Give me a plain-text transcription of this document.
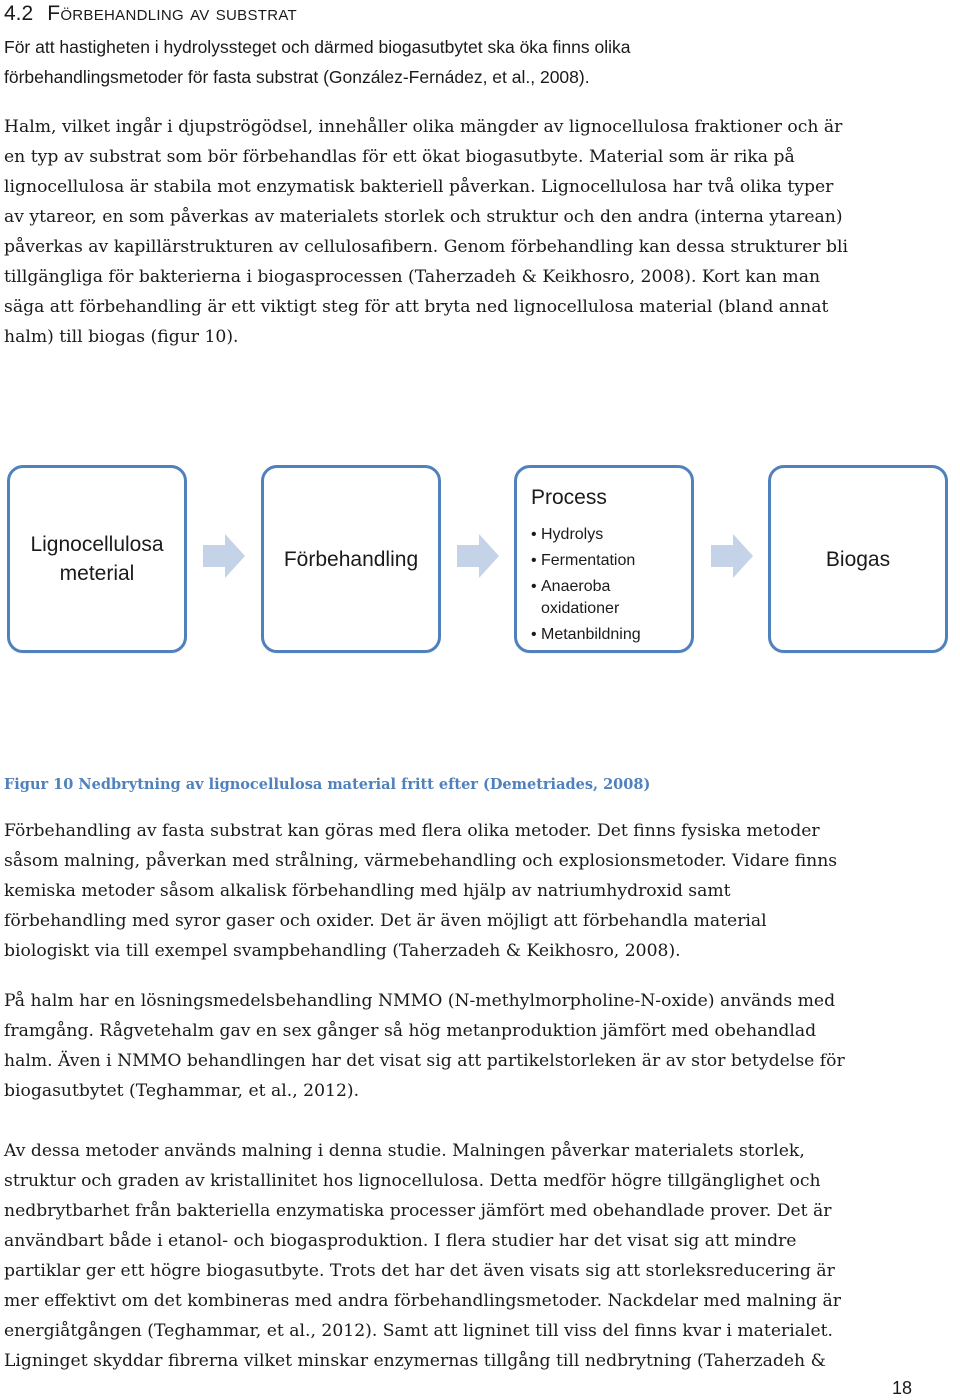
4.2 Förbehandling av substrat

För att hastigheten i hydrolyssteget och därmed biogasutbytet ska öka finns olika
förbehandlingsmetoder för fasta substrat (González-Fernádez, et al., 2008).

Halm, vilket ingår i djupströgödsel, innehåller olika mängder av lignocellulosa fraktioner och är
en typ av substrat som bör förbehandlas för ett ökat biogasutbyte. Material som är rika på
lignocellulosa är stabila mot enzymatisk bakteriell påverkan. Lignocellulosa har två olika typer
av ytareor, en som påverkas av materialets storlek och struktur och den andra (interna ytarean)
påverkas av kapillärstrukturen av cellulosafibern. Genom förbehandling kan dessa strukturer bli
tillgängliga för bakterierna i biogasprocessen (Taherzadeh & Keikhosro, 2008). Kort kan man
säga att förbehandling är ett viktigt steg för att bryta ned lignocellulosa material (bland annat
halm) till biogas (figur 10).

Lignocellulosa
meterial
Förbehandling
Process
• Hydrolys
• Fermentation
• Anaeroba oxidationer
• Metanbildning
Biogas
Figur 10 Nedbrytning av lignocellulosa material fritt efter (Demetriades, 2008)

Förbehandling av fasta substrat kan göras med flera olika metoder. Det finns fysiska metoder
såsom malning, påverkan med strålning, värmebehandling och explosionsmetoder. Vidare finns
kemiska metoder såsom alkalisk förbehandling med hjälp av natriumhydroxid samt
förbehandling med syror gaser och oxider. Det är även möjligt att förbehandla material
biologiskt via till exempel svampbehandling (Taherzadeh & Keikhosro, 2008).

På halm har en lösningsmedelsbehandling NMMO (N-methylmorpholine-N-oxide) används med
framgång. Rågvetehalm gav en sex gånger så hög metanproduktion jämfört med obehandlad
halm. Även i NMMO behandlingen har det visat sig att partikelstorleken är av stor betydelse för
biogasutbytet (Teghammar, et al., 2012).

Av dessa metoder används malning i denna studie. Malningen påverkar materialets storlek,
struktur och graden av kristallinitet hos lignocellulosa. Detta medför högre tillgänglighet och
nedbrytbarhet från bakteriella enzymatiska processer jämfört med obehandlade prover. Det är
användbart både i etanol- och biogasproduktion. I flera studier har det visat sig att mindre
partiklar ger ett högre biogasutbyte. Trots det har det även visats sig att storleksreducering är
mer effektivt om det kombineras med andra förbehandlingsmetoder. Nackdelar med malning är
energiåtgången (Teghammar, et al., 2012). Samt att ligninet till viss del finns kvar i materialet.
Ligninget skyddar fibrerna vilket minskar enzymernas tillgång till nedbrytning (Taherzadeh &

18
